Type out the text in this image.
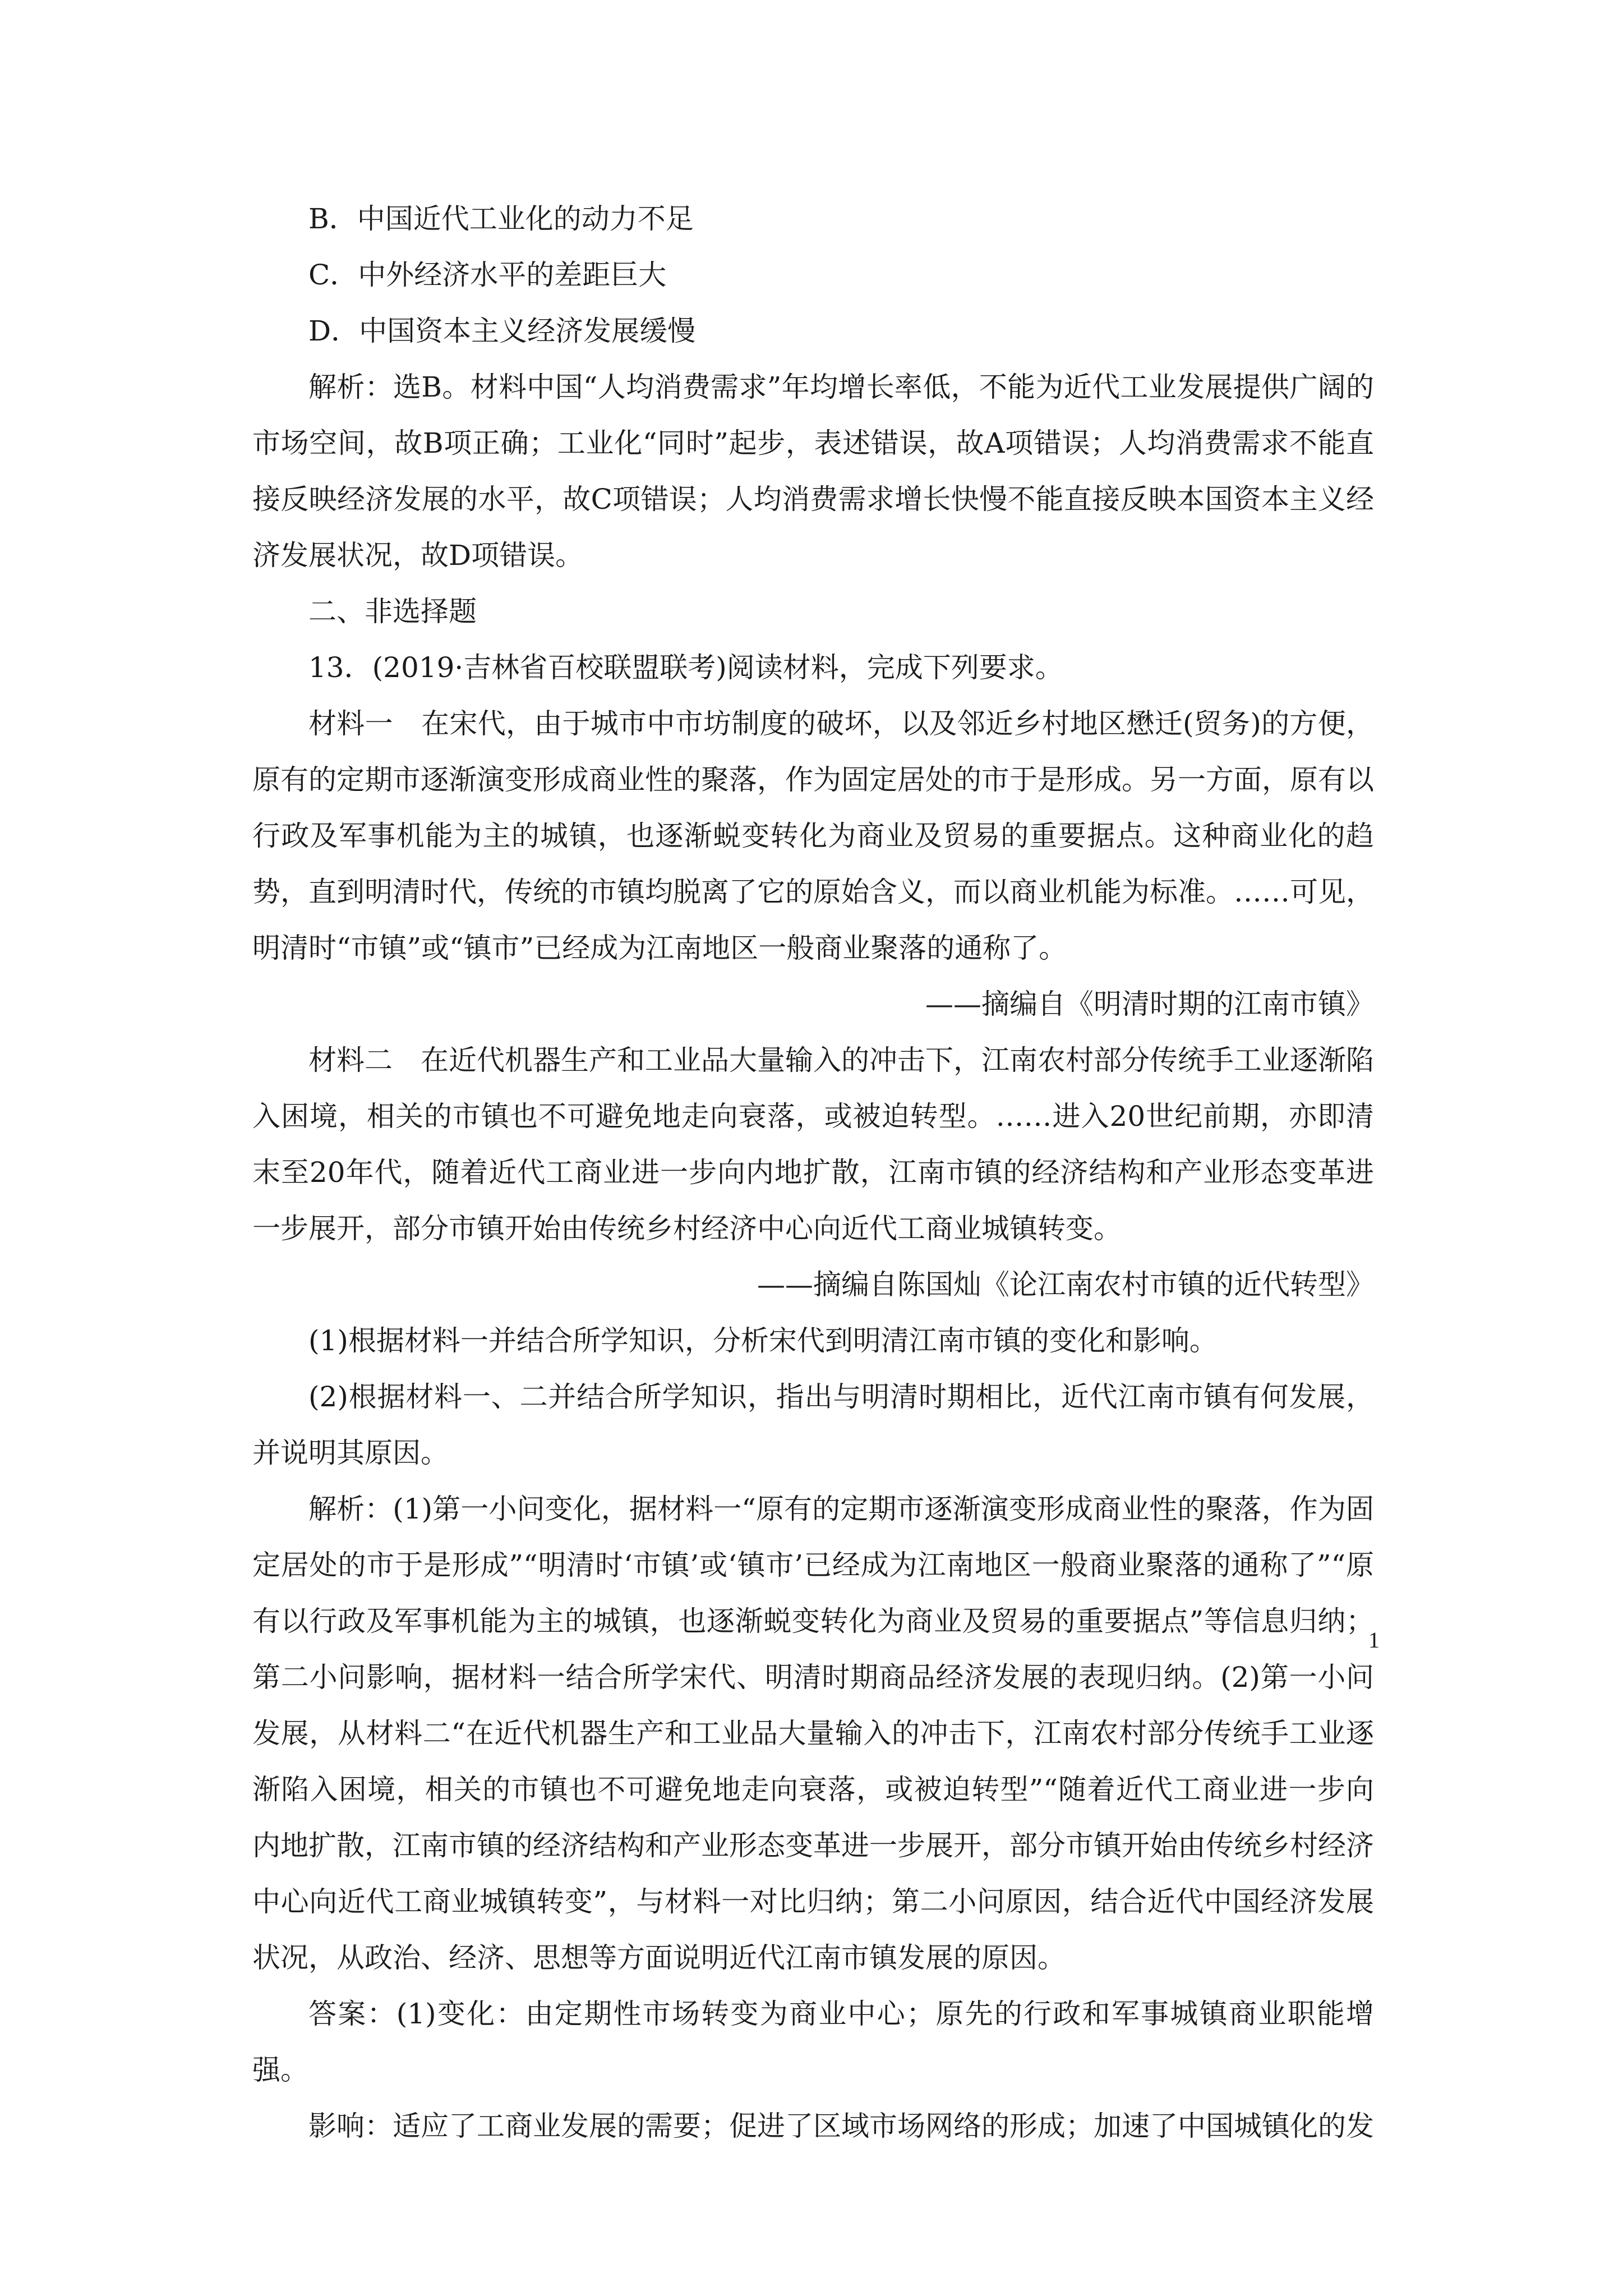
B．中国近代工业化的动力不足

C．中外经济水平的差距巨大

D．中国资本主义经济发展缓慢

解析：选B。材料中国“人均消费需求”年均增长率低，不能为近代工业发展提供广阔的市场空间，故B项正确；工业化“同时”起步，表述错误，故A项错误；人均消费需求不能直接反映经济发展的水平，故C项错误；人均消费需求增长快慢不能直接反映本国资本主义经济发展状况，故D项错误。

二、非选择题

13．(2019·吉林省百校联盟联考)阅读材料，完成下列要求。

材料一　在宋代，由于城市中市坊制度的破坏，以及邻近乡村地区懋迁(贸务)的方便，原有的定期市逐渐演变形成商业性的聚落，作为固定居处的市于是形成。另一方面，原有以行政及军事机能为主的城镇，也逐渐蜕变转化为商业及贸易的重要据点。这种商业化的趋势，直到明清时代，传统的市镇均脱离了它的原始含义，而以商业机能为标准。……可见，明清时“市镇”或“镇市”已经成为江南地区一般商业聚落的通称了。

——摘编自《明清时期的江南市镇》

材料二　在近代机器生产和工业品大量输入的冲击下，江南农村部分传统手工业逐渐陷入困境，相关的市镇也不可避免地走向衰落，或被迫转型。……进入20世纪前期，亦即清末至20年代，随着近代工商业进一步向内地扩散，江南市镇的经济结构和产业形态变革进一步展开，部分市镇开始由传统乡村经济中心向近代工商业城镇转变。

——摘编自陈国灿《论江南农村市镇的近代转型》

(1)根据材料一并结合所学知识，分析宋代到明清江南市镇的变化和影响。

(2)根据材料一、二并结合所学知识，指出与明清时期相比，近代江南市镇有何发展，并说明其原因。

解析：(1)第一小问变化，据材料一“原有的定期市逐渐演变形成商业性的聚落，作为固定居处的市于是形成”“明清时‘市镇’或‘镇市’已经成为江南地区一般商业聚落的通称了”“原有以行政及军事机能为主的城镇，也逐渐蜕变转化为商业及贸易的重要据点”等信息归纳；第二小问影响，据材料一结合所学宋代、明清时期商品经济发展的表现归纳。(2)第一小问发展，从材料二“在近代机器生产和工业品大量输入的冲击下，江南农村部分传统手工业逐渐陷入困境，相关的市镇也不可避免地走向衰落，或被迫转型”“随着近代工商业进一步向内地扩散，江南市镇的经济结构和产业形态变革进一步展开，部分市镇开始由传统乡村经济中心向近代工商业城镇转变”，与材料一对比归纳；第二小问原因，结合近代中国经济发展状况，从政治、经济、思想等方面说明近代江南市镇发展的原因。

答案：(1)变化：由定期性市场转变为商业中心；原先的行政和军事城镇商业职能增强。

影响：适应了工商业发展的需要；促进了区域市场网络的形成；加速了中国城镇化的发

1
